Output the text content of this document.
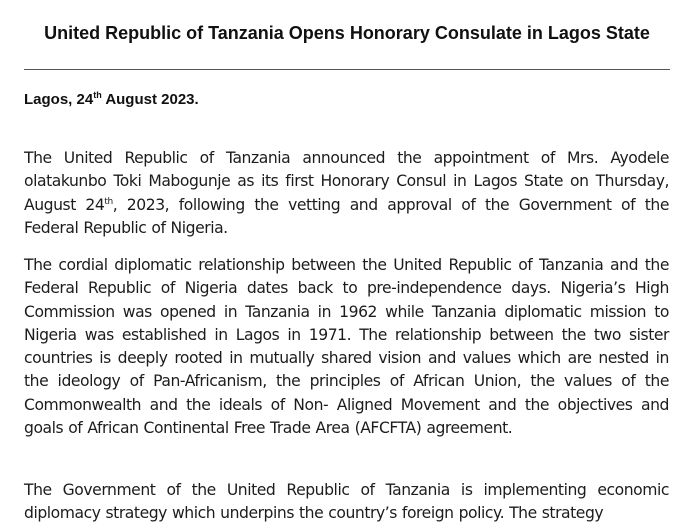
United Republic of Tanzania Opens Honorary Consulate in Lagos State
Lagos, 24th August 2023.

The United Republic of Tanzania announced the appointment of Mrs. Ayodele olatakunbo Toki Mabogunje as its first Honorary Consul in Lagos State on Thursday, August 24th, 2023, following the vetting and approval of the Government of the Federal Republic of Nigeria.

The cordial diplomatic relationship between the United Republic of Tanzania and the Federal Republic of Nigeria dates back to pre-independence days. Nigeria’s High Commission was opened in Tanzania in 1962 while Tanzania diplomatic mission to Nigeria was established in Lagos in 1971. The relationship between the two sister countries is deeply rooted in mutually shared vision and values which are nested in the ideology of Pan-Africanism, the principles of African Union, the values of the Commonwealth and the ideals of Non- Aligned Movement and the objectives and goals of African Continental Free Trade Area (AFCFTA) agreement.

The Government of the United Republic of Tanzania is implementing economic diplomacy strategy which underpins the country’s foreign policy. The strategy
